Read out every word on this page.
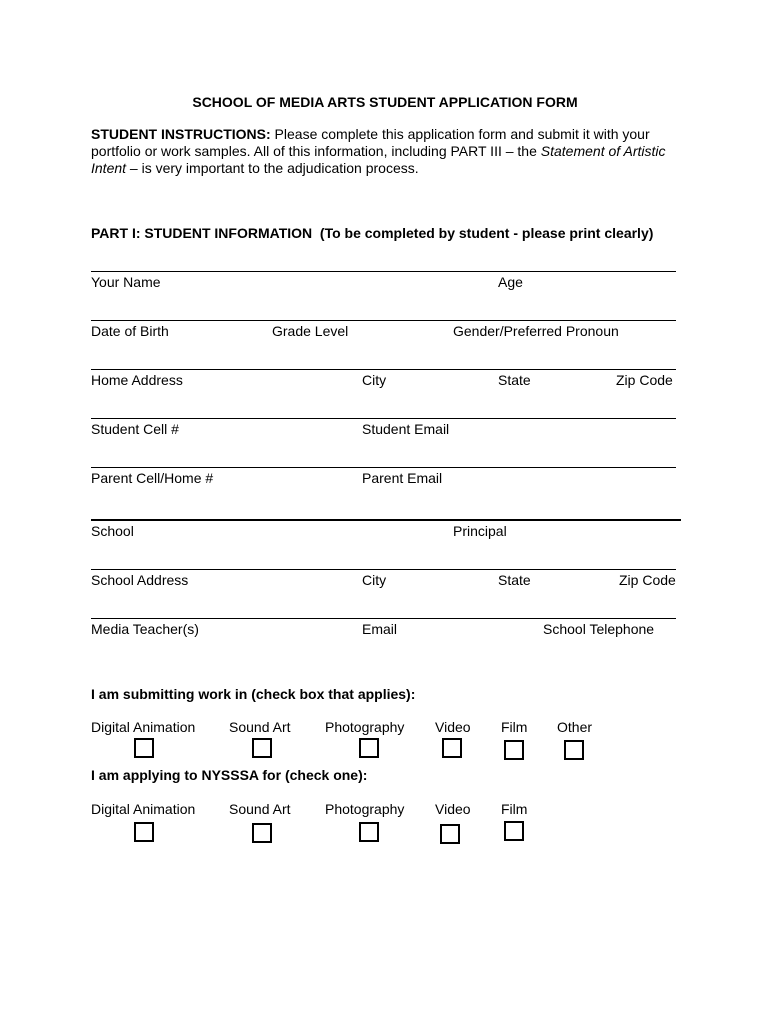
SCHOOL OF MEDIA ARTS STUDENT APPLICATION FORM
STUDENT INSTRUCTIONS: Please complete this application form and submit it with your portfolio or work samples. All of this information, including PART III – the Statement of Artistic Intent – is very important to the adjudication process.
PART I: STUDENT INFORMATION (To be completed by student - please print clearly)
Your Name	Age
Date of Birth	Grade Level	Gender/Preferred Pronoun
Home Address	City	State	Zip Code
Student Cell #	Student Email
Parent Cell/Home #	Parent Email
School	Principal
School Address	City	State	Zip Code
Media Teacher(s)	Email	School Telephone
I am submitting work in (check box that applies):
Digital Animation Sound Art Photography Video Film Other
I am applying to NYSSSA for (check one):
Digital Animation Sound Art Photography Video Film
